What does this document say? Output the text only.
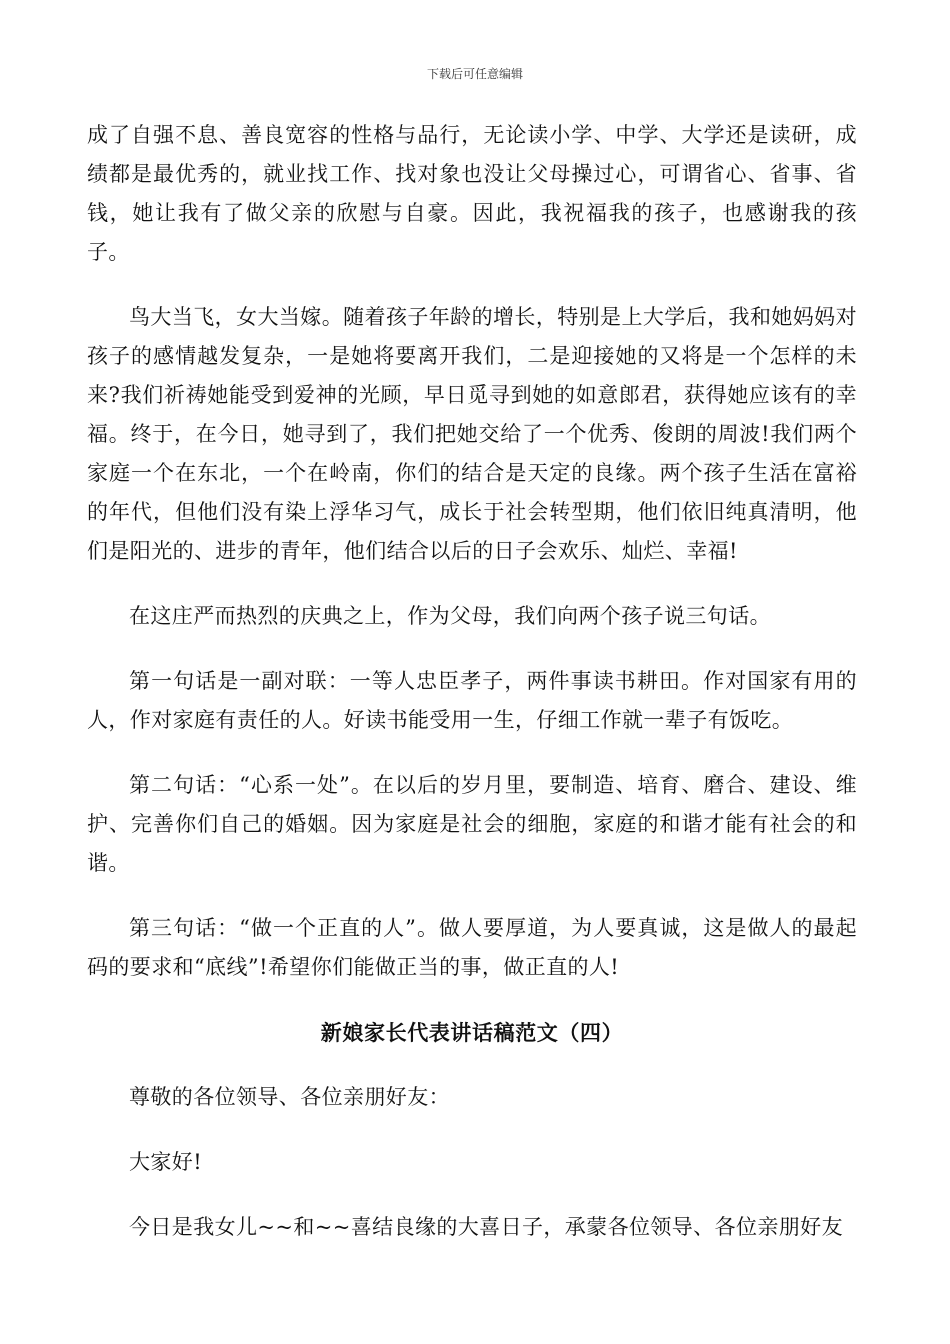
下载后可任意编辑

成了自强不息、善良宽容的性格与品行，无论读小学、中学、大学还是读研，成绩都是最优秀的，就业找工作、找对象也没让父母操过心，可谓省心、省事、省钱，她让我有了做父亲的欣慰与自豪。因此，我祝福我的孩子，也感谢我的孩子。

鸟大当飞，女大当嫁。随着孩子年龄的增长，特别是上大学后，我和她妈妈对孩子的感情越发复杂，一是她将要离开我们，二是迎接她的又将是一个怎样的未来?我们祈祷她能受到爱神的光顾，早日觅寻到她的如意郎君，获得她应该有的幸福。终于，在今日，她寻到了，我们把她交给了一个优秀、俊朗的周波!我们两个家庭一个在东北，一个在岭南，你们的结合是天定的良缘。两个孩子生活在富裕的年代，但他们没有染上浮华习气，成长于社会转型期，他们依旧纯真清明，他们是阳光的、进步的青年，他们结合以后的日子会欢乐、灿烂、幸福!

在这庄严而热烈的庆典之上，作为父母，我们向两个孩子说三句话。

第一句话是一副对联：一等人忠臣孝子，两件事读书耕田。作对国家有用的人，作对家庭有责任的人。好读书能受用一生，仔细工作就一辈子有饭吃。

第二句话：“心系一处”。在以后的岁月里，要制造、培育、磨合、建设、维护、完善你们自己的婚姻。因为家庭是社会的细胞，家庭的和谐才能有社会的和谐。

第三句话：“做一个正直的人”。做人要厚道，为人要真诚，这是做人的最起码的要求和“底线”!希望你们能做正当的事，做正直的人!

新娘家长代表讲话稿范文（四）

尊敬的各位领导、各位亲朋好友：

大家好!

今日是我女儿~~和~~喜结良缘的大喜日子，承蒙各位领导、各位亲朋好友
